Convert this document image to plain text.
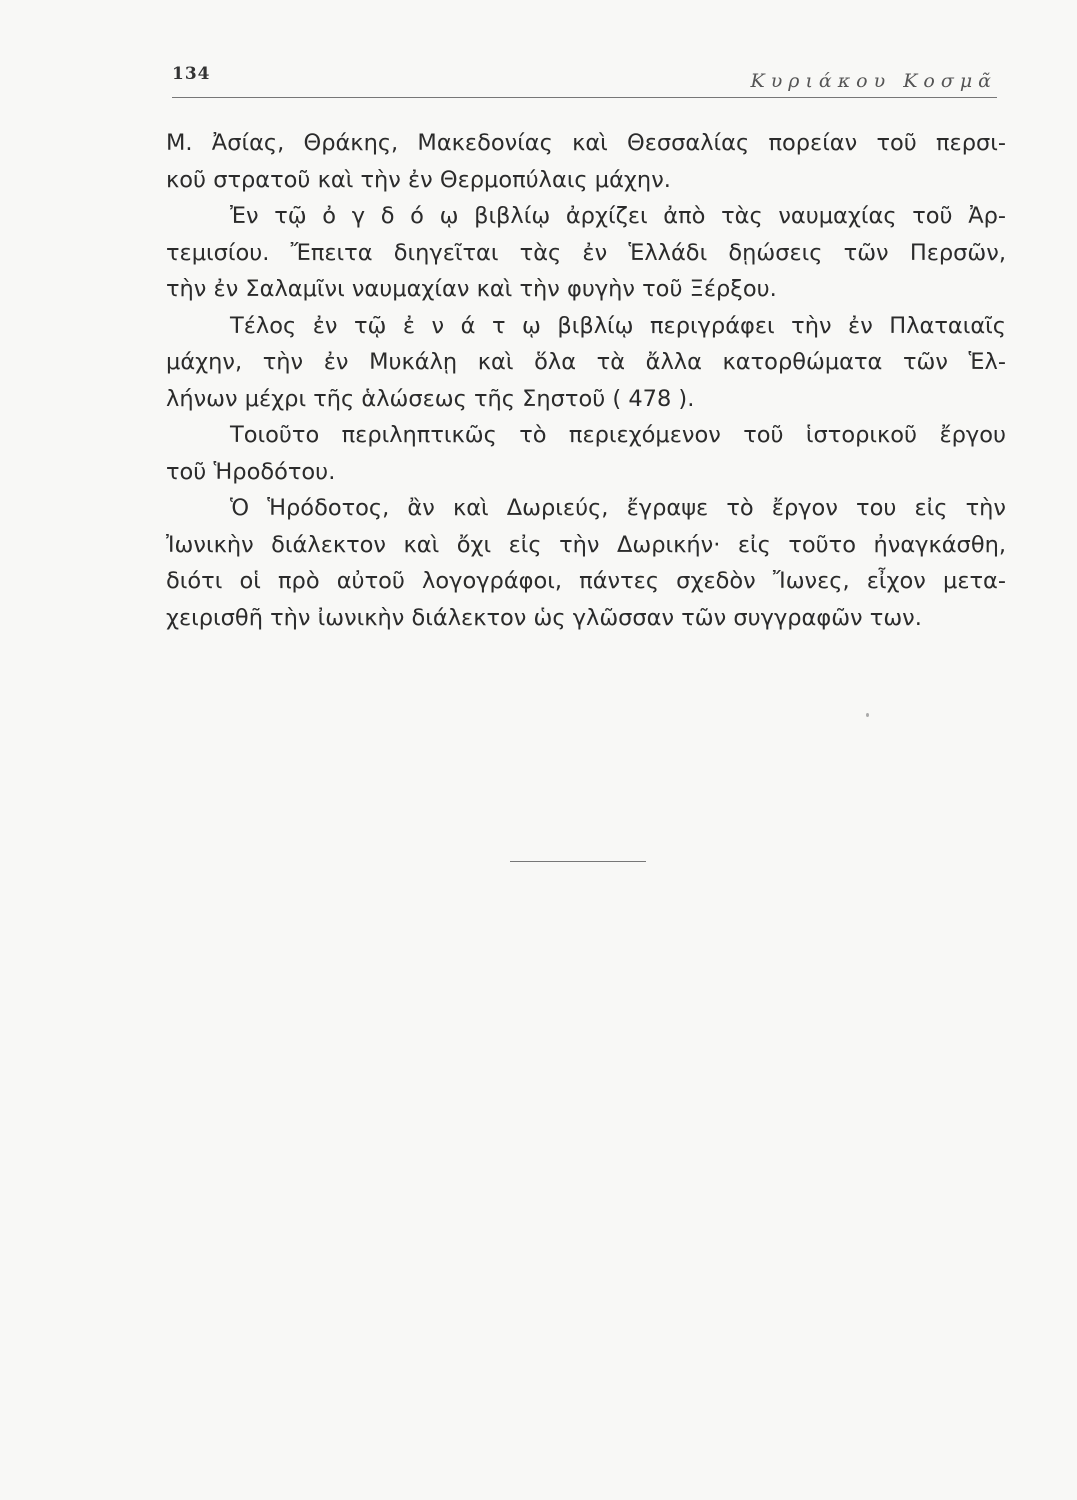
134	Κυριάκου Κοσμᾶ
Μ. Ἀσίας, Θράκης, Μακεδονίας καὶ Θεσσαλίας πορείαν τοῦ περσι-
κοῦ στρατοῦ καὶ τὴν ἐν Θερμοπύλαις μάχην.
Ἐν τῷ ὀ γ δ ό ῳ βιβλίῳ ἀρχίζει ἀπὸ τὰς ναυμαχίας τοῦ Ἀρ-
τεμισίου. Ἔπειτα διηγεῖται τὰς ἐν Ἑλλάδι δῃώσεις τῶν Περσῶν,
τὴν ἐν Σαλαμῖνι ναυμαχίαν καὶ τὴν φυγὴν τοῦ Ξέρξου.
Τέλος ἐν τῷ ἐ ν ά τ ῳ βιβλίῳ περιγράφει τὴν ἐν Πλαταιαῖς
μάχην, τὴν ἐν Μυκάλῃ καὶ ὅλα τὰ ἄλλα κατορθώματα τῶν Ἑλ-
λήνων μέχρι τῆς ἁλώσεως τῆς Σηστοῦ ( 478 ).
Τοιοῦτο περιληπτικῶς τὸ περιεχόμενον τοῦ ἱστορικοῦ ἔργου
τοῦ Ἡροδότου.
Ὁ Ἡρόδοτος, ἂν καὶ Δωριεύς, ἔγραψε τὸ ἔργον του εἰς τὴν
Ἰωνικὴν διάλεκτον καὶ ὄχι εἰς τὴν Δωρικήν· εἰς τοῦτο ἠναγκάσθη,
διότι οἱ πρὸ αὐτοῦ λογογράφοι, πάντες σχεδὸν Ἴωνες, εἶχον μετα-
χειρισθῆ τὴν ἰωνικὴν διάλεκτον ὡς γλῶσσαν τῶν συγγραφῶν των.
